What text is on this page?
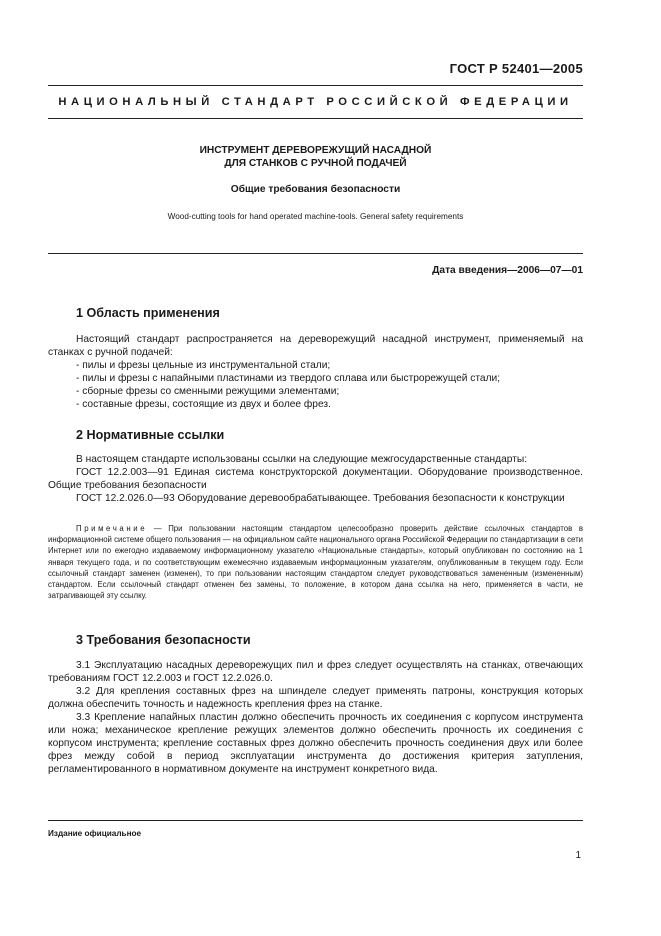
ГОСТ Р 52401—2005
НАЦИОНАЛЬНЫЙ СТАНДАРТ РОССИЙСКОЙ ФЕДЕРАЦИИ
ИНСТРУМЕНТ ДЕРЕВОРЕЖУЩИЙ НАСАДНОЙ
ДЛЯ СТАНКОВ С РУЧНОЙ ПОДАЧЕЙ
Общие требования безопасности
Wood-cutting tools for hand operated machine-tools. General safety requirements
Дата введения—2006—07—01
1 Область применения

Настоящий стандарт распространяется на дереворежущий насадной инструмент, применяемый на станках с ручной подачей:

- пилы и фрезы цельные из инструментальной стали;

- пилы и фрезы с напайными пластинами из твердого сплава или быстрорежущей стали;

- сборные фрезы со сменными режущими элементами;

- составные фрезы, состоящие из двух и более фрез.

2 Нормативные ссылки

В настоящем стандарте использованы ссылки на следующие межгосударственные стандарты:

ГОСТ 12.2.003—91 Единая система конструкторской документации. Оборудование производственное. Общие требования безопасности

ГОСТ 12.2.026.0—93 Оборудование деревообрабатывающее. Требования безопасности к конструкции

Примечание — При пользовании настоящим стандартом целесообразно проверить действие ссылочных стандартов в информационной системе общего пользования — на официальном сайте национального органа Российской Федерации по стандартизации в сети Интернет или по ежегодно издаваемому информационному указателю «Национальные стандарты», который опубликован по состоянию на 1 января текущего года, и по соответствующим ежемесячно издаваемым информационным указателям, опубликованным в текущем году. Если ссылочный стандарт заменен (изменен), то при пользовании настоящим стандартом следует руководствоваться замененным (измененным) стандартом. Если ссылочный стандарт отменен без замены, то положение, в котором дана ссылка на него, применяется в части, не затрагивающей эту ссылку.

3 Требования безопасности

3.1 Эксплуатацию насадных дереворежущих пил и фрез следует осуществлять на станках, отвечающих требованиям ГОСТ 12.2.003 и ГОСТ 12.2.026.0.

3.2 Для крепления составных фрез на шпинделе следует применять патроны, конструкция которых должна обеспечить точность и надежность крепления фрез на станке.

3.3 Крепление напайных пластин должно обеспечить прочность их соединения с корпусом инструмента или ножа; механическое крепление режущих элементов должно обеспечить прочность их соединения с корпусом инструмента; крепление составных фрез должно обеспечить прочность соединения двух или более фрез между собой в период эксплуатации инструмента до достижения критерия затупления, регламентированного в нормативном документе на инструмент конкретного вида.

Издание официальное
1
